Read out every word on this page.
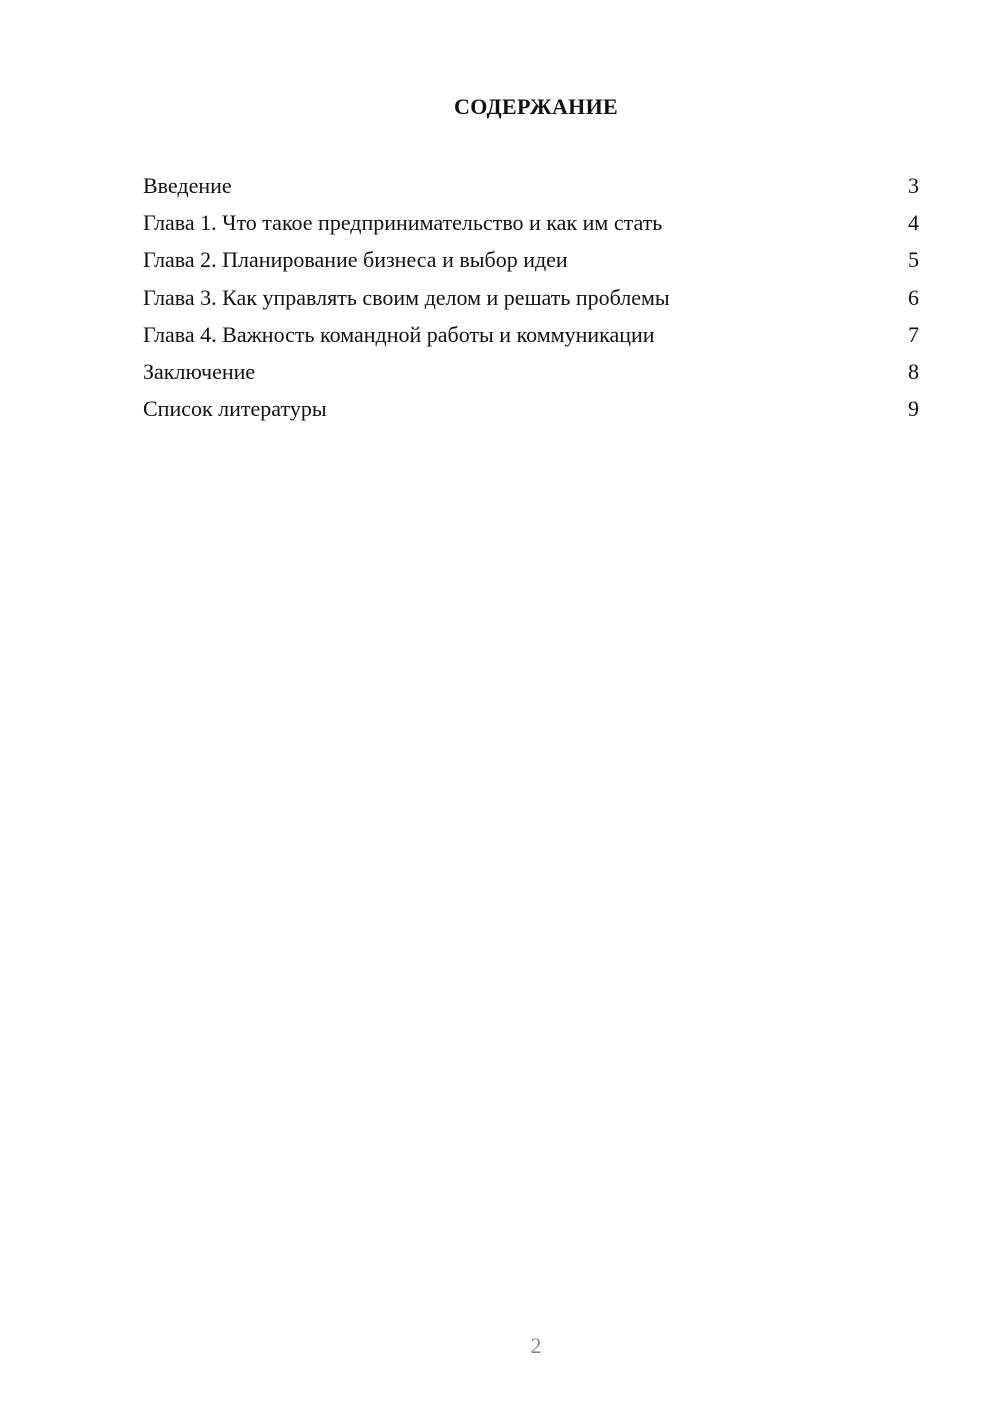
СОДЕРЖАНИЕ
Введение	3
Глава 1. Что такое предпринимательство и как им стать	4
Глава 2. Планирование бизнеса и выбор идеи	5
Глава 3. Как управлять своим делом и решать проблемы	6
Глава 4. Важность командной работы и коммуникации	7
Заключение	8
Список литературы	9
2
